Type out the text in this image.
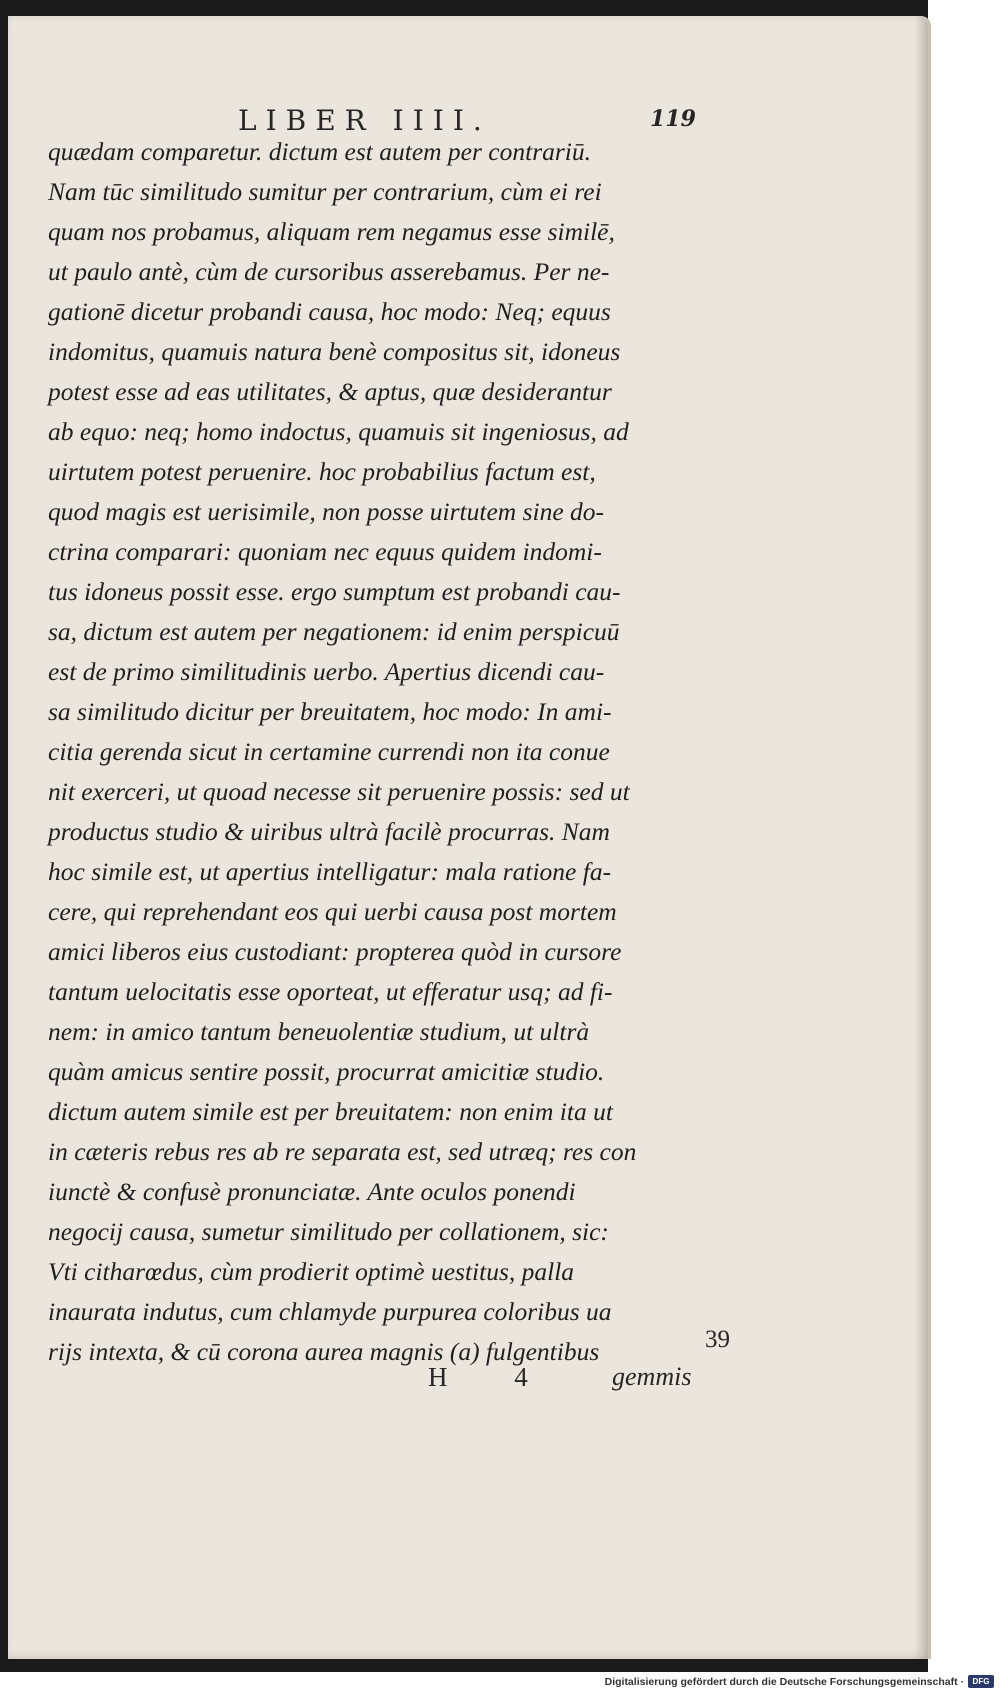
LIBER IIII.	119
quædam comparetur. dictum est autem per contrariū.
Nam tūc similitudo sumitur per contrarium, cùm ei rei
quam nos probamus, aliquam rem negamus esse similē,
ut paulo antè, cùm de cursoribus asserebamus. Per ne-
gationē dicetur probandi causa, hoc modo: Neq; equus
indomitus, quamuis natura benè compositus sit, idoneus
potest esse ad eas utilitates, & aptus, quæ desiderantur
ab equo: neq; homo indoctus, quamuis sit ingeniosus, ad
uirtutem potest peruenire. hoc probabilius factum est,
quod magis est uerisimile, non posse uirtutem sine do-
ctrina comparari: quoniam nec equus quidem indomi-
tus idoneus possit esse. ergo sumptum est probandi cau-
sa, dictum est autem per negationem: id enim perspicuū
est de primo similitudinis uerbo. Apertius dicendi cau-
sa similitudo dicitur per breuitatem, hoc modo: In ami-
citia gerenda sicut in certamine currendi non ita conue
nit exerceri, ut quoad necesse sit peruenire possis: sed ut
productus studio & uiribus ultrà facilè procurras. Nam
hoc simile est, ut apertius intelligatur: mala ratione fa-
cere, qui reprehendant eos qui uerbi causa post mortem
amici liberos eius custodiant: propterea quòd in cursore
tantum uelocitatis esse oporteat, ut efferatur usq; ad fi-
nem: in amico tantum beneuolentiæ studium, ut ultrà
quàm amicus sentire possit, procurrat amicitiæ studio.
dictum autem simile est per breuitatem: non enim ita ut
in cæteris rebus res ab re separata est, sed utræq; res con
iunctè & confusè pronunciatæ. Ante oculos ponendi
negocij causa, sumetur similitudo per collationem, sic:
Vti citharœdus, cùm prodierit optimè uestitus, palla
inaurata indutus, cum chlamyde purpurea coloribus ua
rijs intexta, & cū corona aurea magnis (a) fulgentibus	39
H 4 gemmis
Digitalisierung gefördert durch die Deutsche Forschungsgemeinschaft ·	DFG
